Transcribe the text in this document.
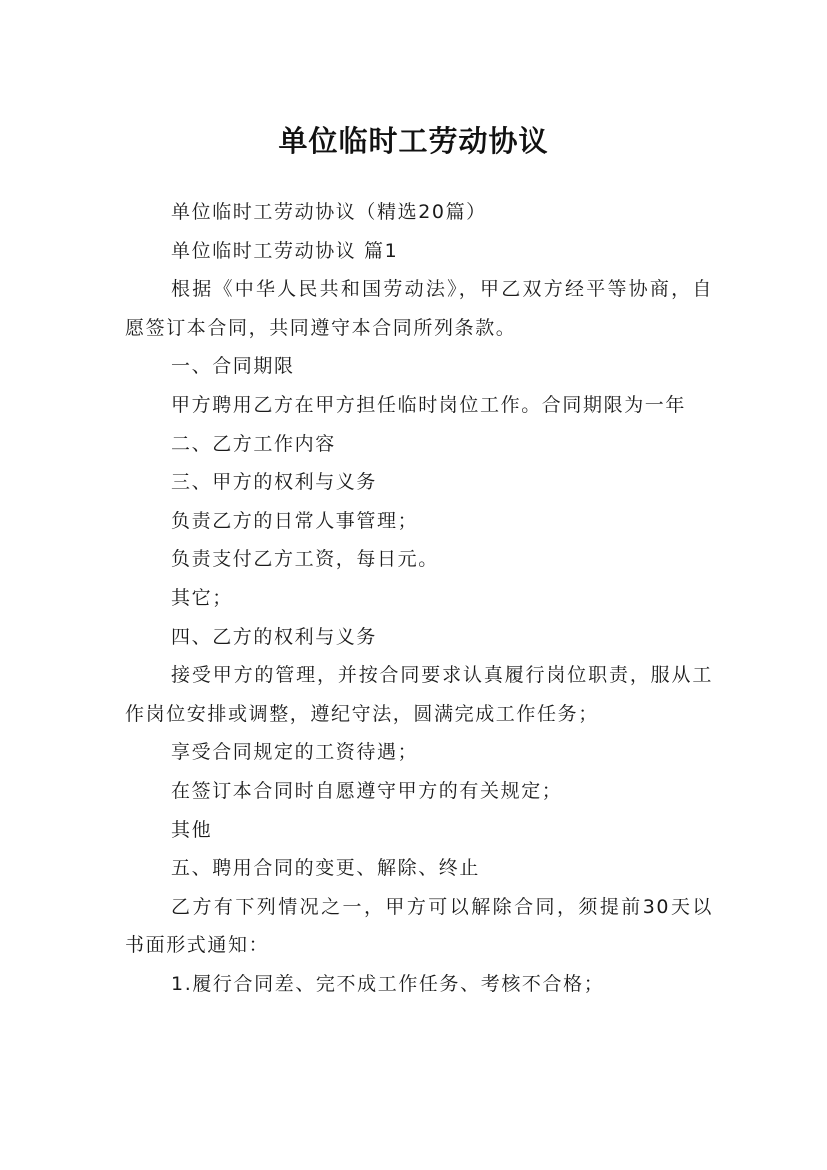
单位临时工劳动协议

单位临时工劳动协议（精选20篇）

单位临时工劳动协议 篇1

根据《中华人民共和国劳动法》，甲乙双方经平等协商，自愿签订本合同，共同遵守本合同所列条款。

一、合同期限

甲方聘用乙方在甲方担任临时岗位工作。合同期限为一年

二、乙方工作内容

三、甲方的权利与义务

负责乙方的日常人事管理；

负责支付乙方工资，每日元。

其它；

四、乙方的权利与义务

接受甲方的管理，并按合同要求认真履行岗位职责，服从工作岗位安排或调整，遵纪守法，圆满完成工作任务；

享受合同规定的工资待遇；

在签订本合同时自愿遵守甲方的有关规定；

其他

五、聘用合同的变更、解除、终止

乙方有下列情况之一，甲方可以解除合同，须提前30天以书面形式通知：

1.履行合同差、完不成工作任务、考核不合格；
